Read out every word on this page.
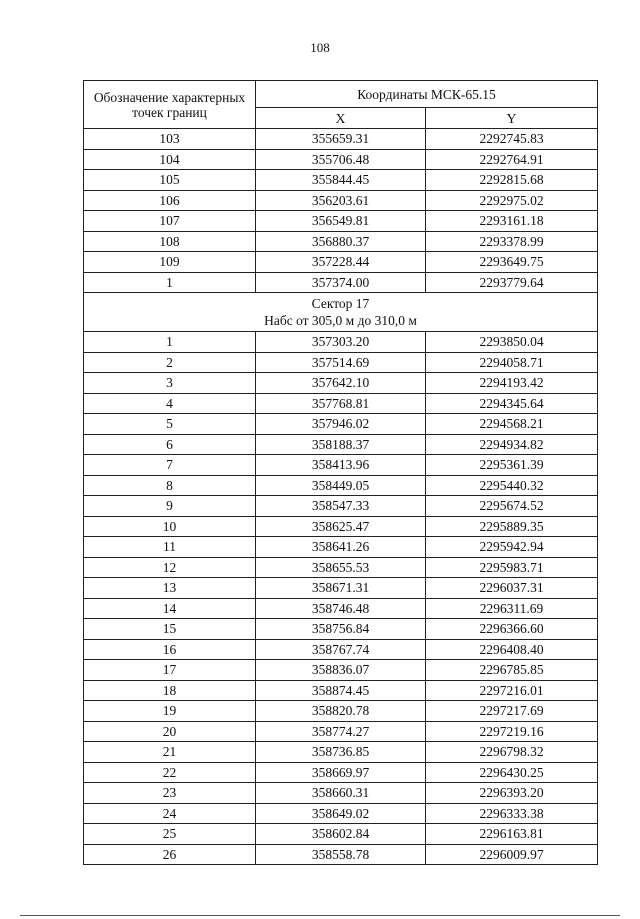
108
Обозначение характерных точек границ	Координаты МСК-65.15	
	X	Y
103	355659.31	2292745.83
104	355706.48	2292764.91
105	355844.45	2292815.68
106	356203.61	2292975.02
107	356549.81	2293161.18
108	356880.37	2293378.99
109	357228.44	2293649.75
1	357374.00	2293779.64

Сектор 17
Набс от 305,0 м до 310,0 м		

1	357303.20	2293850.04
2	357514.69	2294058.71
3	357642.10	2294193.42
4	357768.81	2294345.64
5	357946.02	2294568.21
6	358188.37	2294934.82
7	358413.96	2295361.39
8	358449.05	2295440.32
9	358547.33	2295674.52
10	358625.47	2295889.35
11	358641.26	2295942.94
12	358655.53	2295983.71
13	358671.31	2296037.31
14	358746.48	2296311.69
15	358756.84	2296366.60
16	358767.74	2296408.40
17	358836.07	2296785.85
18	358874.45	2297216.01
19	358820.78	2297217.69
20	358774.27	2297219.16
21	358736.85	2296798.32
22	358669.97	2296430.25
23	358660.31	2296393.20
24	358649.02	2296333.38
25	358602.84	2296163.81
26	358558.78	2296009.97
